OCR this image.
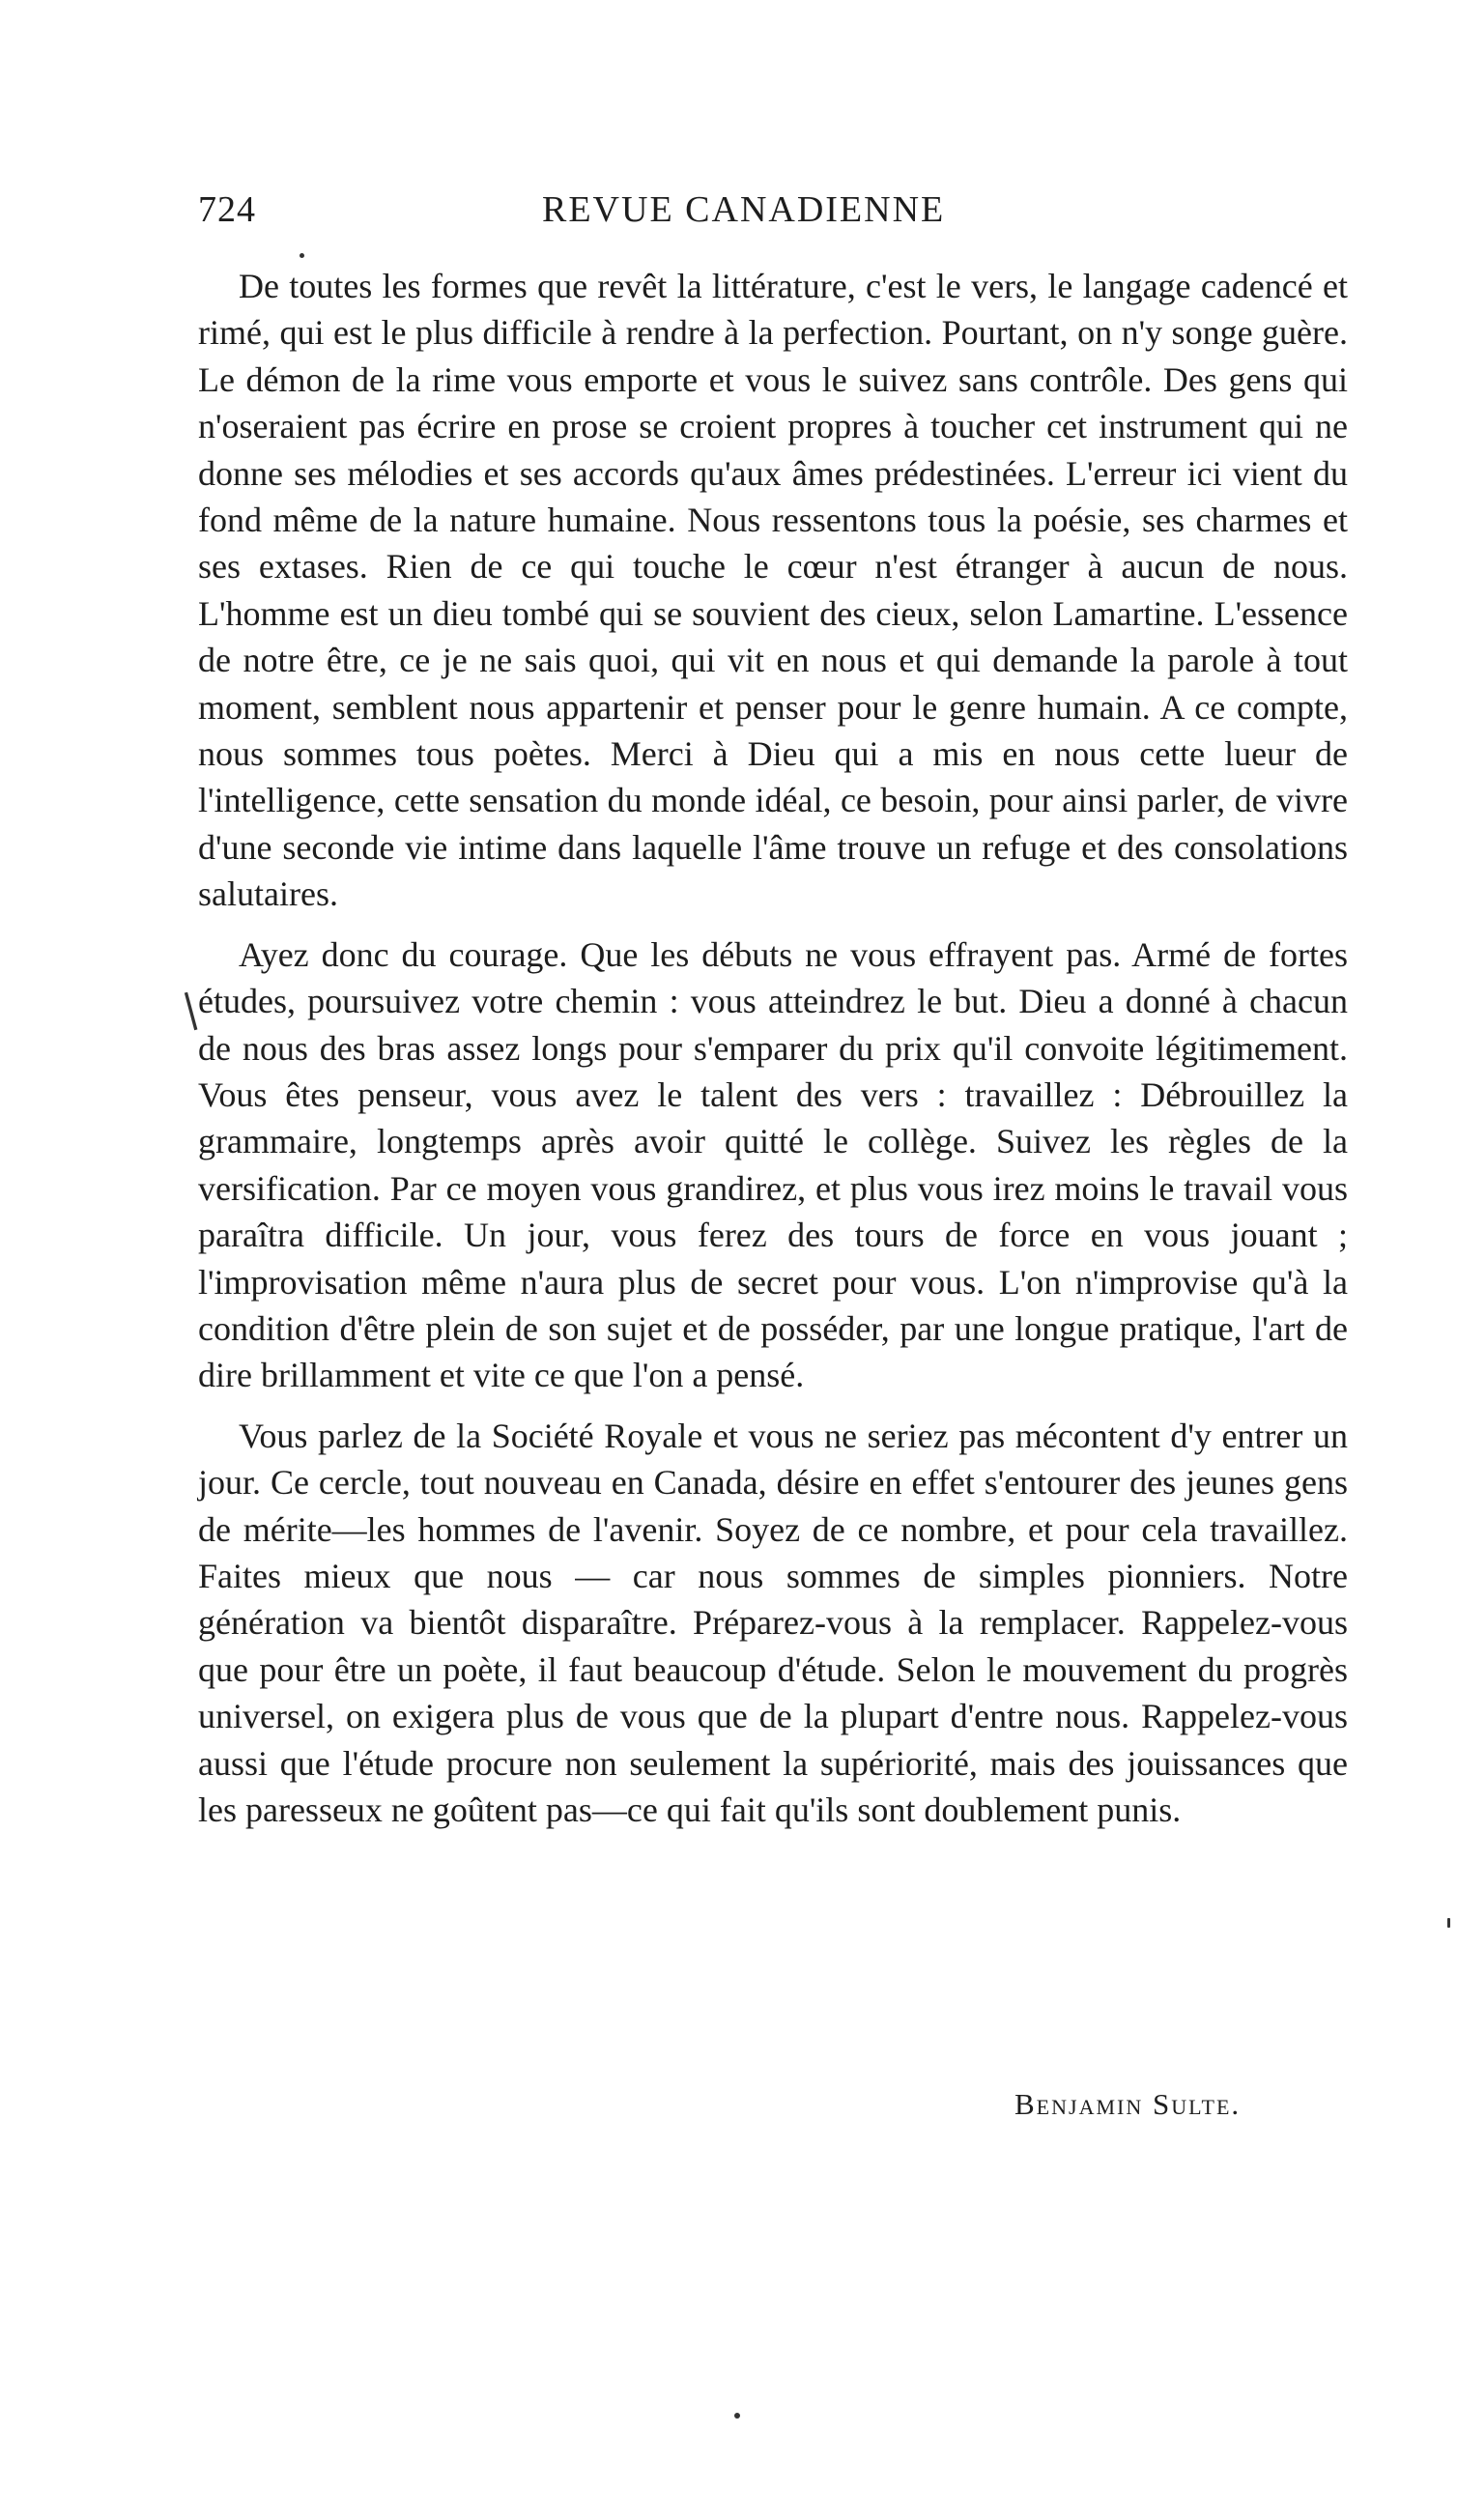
724	REVUE CANADIENNE

De toutes les formes que revêt la littérature, c'est le vers, le langage cadencé et rimé, qui est le plus difficile à rendre à la perfection. Pourtant, on n'y songe guère. Le démon de la rime vous emporte et vous le suivez sans contrôle. Des gens qui n'oseraient pas écrire en prose se croient propres à toucher cet instrument qui ne donne ses mélodies et ses accords qu'aux âmes prédestinées. L'erreur ici vient du fond même de la nature humaine. Nous ressentons tous la poésie, ses charmes et ses extases. Rien de ce qui touche le cœur n'est étranger à aucun de nous. L'homme est un dieu tombé qui se souvient des cieux, selon Lamartine. L'essence de notre être, ce je ne sais quoi, qui vit en nous et qui demande la parole à tout moment, semblent nous appartenir et penser pour le genre humain. A ce compte, nous sommes tous poètes. Merci à Dieu qui a mis en nous cette lueur de l'intelligence, cette sensation du monde idéal, ce besoin, pour ainsi parler, de vivre d'une seconde vie intime dans laquelle l'âme trouve un refuge et des consolations salutaires.

Ayez donc du courage. Que les débuts ne vous effrayent pas. Armé de fortes études, poursuivez votre chemin : vous atteindrez le but. Dieu a donné à chacun de nous des bras assez longs pour s'emparer du prix qu'il convoite légitimement. Vous êtes penseur, vous avez le talent des vers : travaillez : Débrouillez la grammaire, longtemps après avoir quitté le collège. Suivez les règles de la versification. Par ce moyen vous grandirez, et plus vous irez moins le travail vous paraîtra difficile. Un jour, vous ferez des tours de force en vous jouant ; l'improvisation même n'aura plus de secret pour vous. L'on n'improvise qu'à la condition d'être plein de son sujet et de posséder, par une longue pratique, l'art de dire brillamment et vite ce que l'on a pensé.

Vous parlez de la Société Royale et vous ne seriez pas mécontent d'y entrer un jour. Ce cercle, tout nouveau en Canada, désire en effet s'entourer des jeunes gens de mérite—les hommes de l'avenir. Soyez de ce nombre, et pour cela travaillez. Faites mieux que nous — car nous sommes de simples pionniers. Notre génération va bientôt disparaître. Préparez-vous à la remplacer. Rappelez-vous que pour être un poète, il faut beaucoup d'étude. Selon le mouvement du progrès universel, on exigera plus de vous que de la plupart d'entre nous. Rappelez-vous aussi que l'étude procure non seulement la supériorité, mais des jouissances que les paresseux ne goûtent pas—ce qui fait qu'ils sont doublement punis.

Benjamin Sulte.
❘
